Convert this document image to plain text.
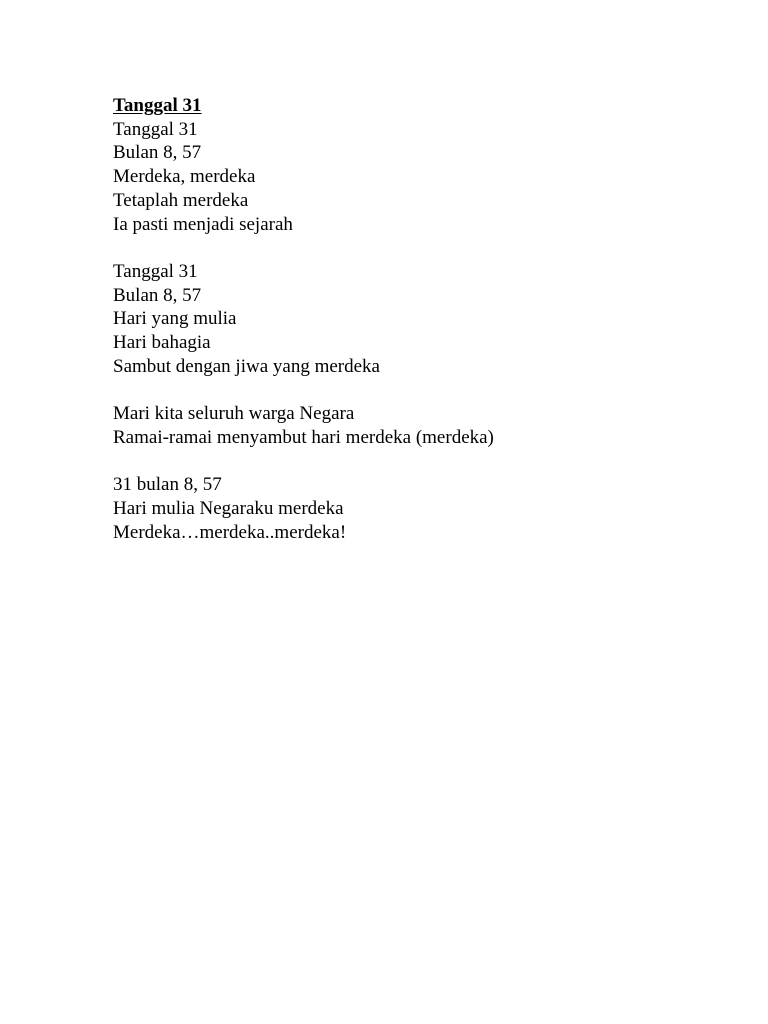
Tanggal 31
Tanggal 31
Bulan 8, 57
Merdeka, merdeka
Tetaplah merdeka
Ia pasti menjadi sejarah
Tanggal 31
Bulan 8, 57
Hari yang mulia
Hari bahagia
Sambut dengan jiwa yang merdeka
Mari kita seluruh warga Negara
Ramai-ramai menyambut hari merdeka (merdeka)
31 bulan 8, 57
Hari mulia Negaraku merdeka
Merdeka…merdeka..merdeka!
